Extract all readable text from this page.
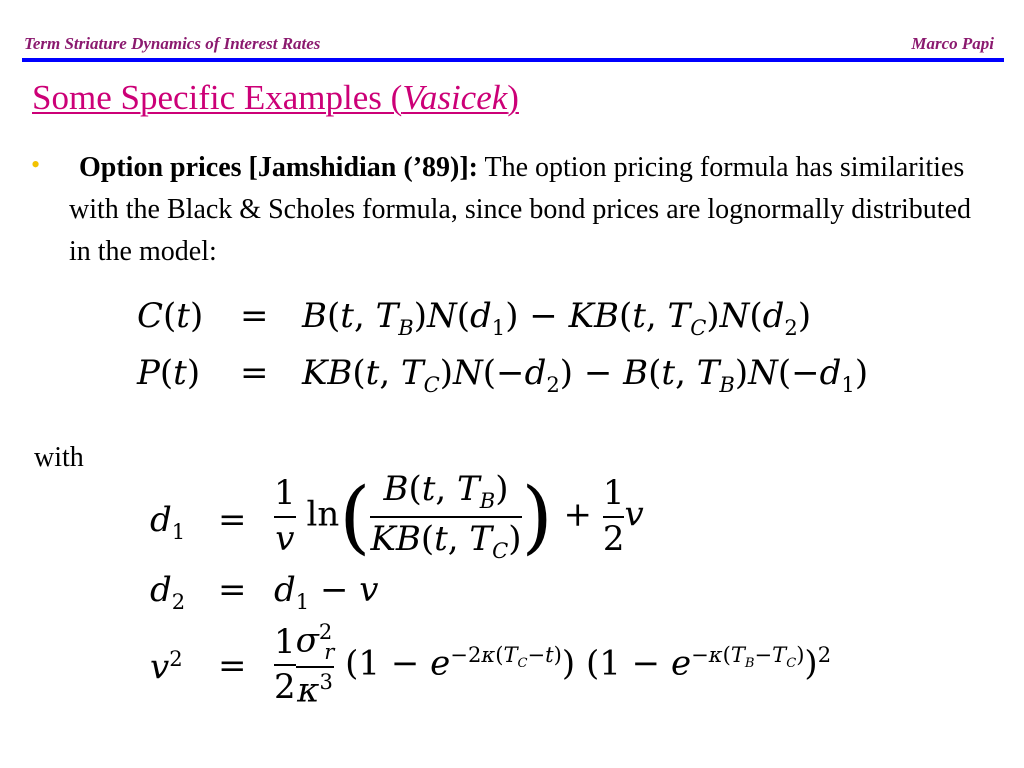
Term Striature Dynamics of Interest Rates	Marco Papi
Some Specific Examples (Vasicek)
•	Option prices [Jamshidian (’89)]: The option pricing formula has similarities with the Black & Scholes formula, since bond prices are lognormally distributed in the model:
C(t) = B(t, $T_B)N(d_1) - KB(t$, $T_C)N(d_2)$
P(t) = KB(t, $T_C)N(-d_2) - B(t$, $T_B)N(-d_1)$
with
$d_1 = \frac{1}{v} \ln( \frac{B(t, T_B)}{KB(t, T_C)}$ ) + $\frac{1}{2}$ v
$d_2 = d_1 - v$
$v^2 = \frac{1}{2} \frac{\sigma^2_r}{\kappa^3} (1 - e^{-2\kappa(T_C-t)}) (1 - e^{-\kappa(T_B-T_C)})^2$
